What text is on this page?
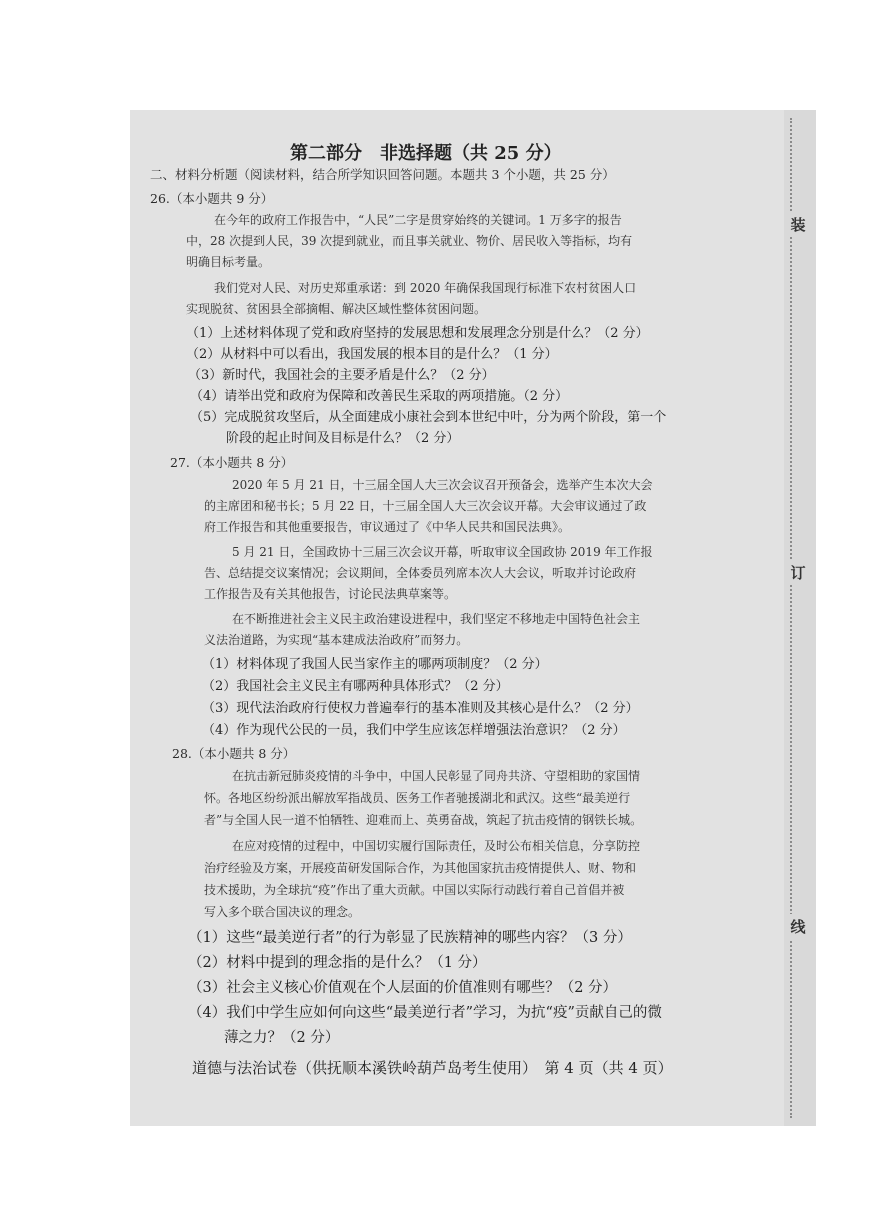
装
订
线
第二部分　非选择题（共 25 分）
二、材料分析题（阅读材料，结合所学知识回答问题。本题共 3 个小题，共 25 分）
26.（本小题共 9 分）
在今年的政府工作报告中，“人民”二字是贯穿始终的关键词。1 万多字的报告
中，28 次提到人民，39 次提到就业，而且事关就业、物价、居民收入等指标，均有
明确目标考量。
我们党对人民、对历史郑重承诺：到 2020 年确保我国现行标准下农村贫困人口
实现脱贫、贫困县全部摘帽、解决区域性整体贫困问题。
（1）上述材料体现了党和政府坚持的发展思想和发展理念分别是什么？（2 分）
（2）从材料中可以看出，我国发展的根本目的是什么？（1 分）
（3）新时代，我国社会的主要矛盾是什么？（2 分）
（4）请举出党和政府为保障和改善民生采取的两项措施。（2 分）
（5）完成脱贫攻坚后，从全面建成小康社会到本世纪中叶，分为两个阶段，第一个
阶段的起止时间及目标是什么？（2 分）
27.（本小题共 8 分）
2020 年 5 月 21 日，十三届全国人大三次会议召开预备会，选举产生本次大会
的主席团和秘书长；5 月 22 日，十三届全国人大三次会议开幕。大会审议通过了政
府工作报告和其他重要报告，审议通过了《中华人民共和国民法典》。
5 月 21 日，全国政协十三届三次会议开幕，听取审议全国政协 2019 年工作报
告、总结提交议案情况；会议期间，全体委员列席本次人大会议，听取并讨论政府
工作报告及有关其他报告，讨论民法典草案等。
在不断推进社会主义民主政治建设进程中，我们坚定不移地走中国特色社会主
义法治道路，为实现“基本建成法治政府”而努力。
（1）材料体现了我国人民当家作主的哪两项制度？（2 分）
（2）我国社会主义民主有哪两种具体形式？（2 分）
（3）现代法治政府行使权力普遍奉行的基本准则及其核心是什么？（2 分）
（4）作为现代公民的一员，我们中学生应该怎样增强法治意识？（2 分）
28.（本小题共 8 分）
在抗击新冠肺炎疫情的斗争中，中国人民彰显了同舟共济、守望相助的家国情
怀。各地区纷纷派出解放军指战员、医务工作者驰援湖北和武汉。这些“最美逆行
者”与全国人民一道不怕牺牲、迎难而上、英勇奋战，筑起了抗击疫情的钢铁长城。
在应对疫情的过程中，中国切实履行国际责任，及时公布相关信息，分享防控
治疗经验及方案，开展疫苗研发国际合作，为其他国家抗击疫情提供人、财、物和
技术援助，为全球抗“疫”作出了重大贡献。中国以实际行动践行着自己首倡并被
写入多个联合国决议的理念。
（1）这些“最美逆行者”的行为彰显了民族精神的哪些内容？（3 分）
（2）材料中提到的理念指的是什么？（1 分）
（3）社会主义核心价值观在个人层面的价值准则有哪些？（2 分）
（4）我们中学生应如何向这些“最美逆行者”学习，为抗“疫”贡献自己的微
薄之力？（2 分）
道德与法治试卷（供抚顺本溪铁岭葫芦岛考生使用）　第 4 页（共 4 页）
